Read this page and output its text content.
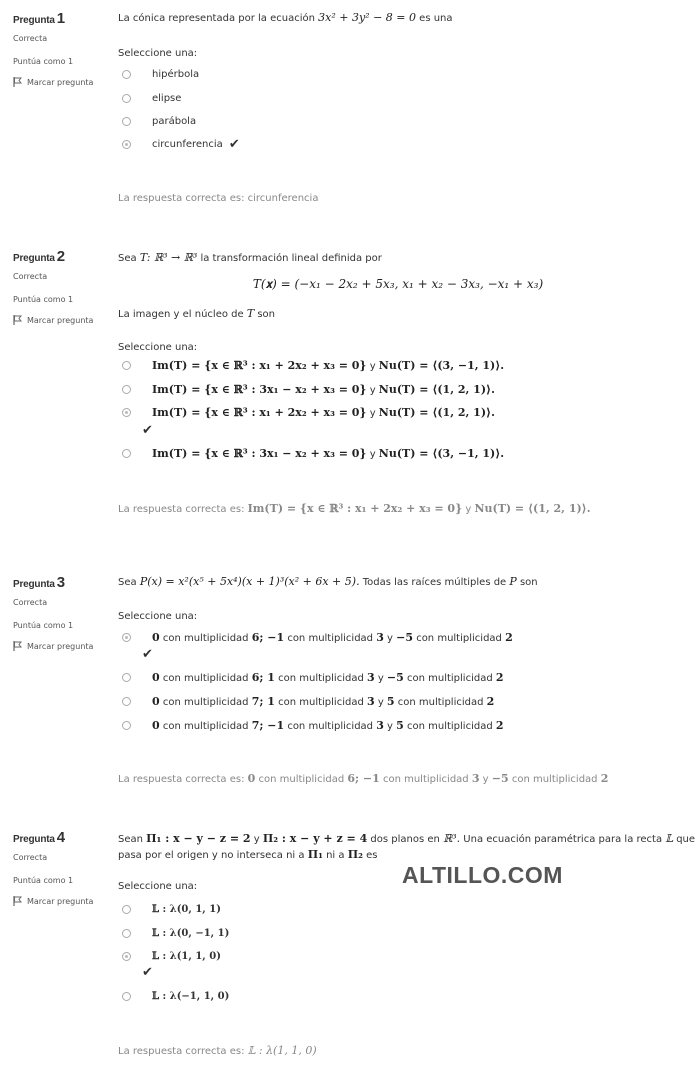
Pregunta 1
Correcta
Puntúa como 1
Marcar pregunta
La cónica representada por la ecuación 3x² + 3y² − 8 = 0 es una
Seleccione una:
hipérbola
elipse
parábola
circunferencia ✔
La respuesta correcta es: circunferencia
Pregunta 2
Correcta
Puntúa como 1
Marcar pregunta
Sea T: ℝ³ → ℝ³ la transformación lineal definida por
T(𝐱) = (−x₁ − 2x₂ + 5x₃, x₁ + x₂ − 3x₃, −x₁ + x₃)
La imagen y el núcleo de T son
Seleccione una:
Im(T) = {𝐱 ∈ ℝ³ : x₁ + 2x₂ + x₃ = 0} y Nu(T) = ⟨(3, −1, 1)⟩.
Im(T) = {𝐱 ∈ ℝ³ : 3x₁ − x₂ + x₃ = 0} y Nu(T) = ⟨(1, 2, 1)⟩.
Im(T) = {𝐱 ∈ ℝ³ : x₁ + 2x₂ + x₃ = 0} y Nu(T) = ⟨(1, 2, 1)⟩.
✔
Im(T) = {𝐱 ∈ ℝ³ : 3x₁ − x₂ + x₃ = 0} y Nu(T) = ⟨(3, −1, 1)⟩.
La respuesta correcta es: Im(T) = {𝐱 ∈ ℝ³ : x₁ + 2x₂ + x₃ = 0} y Nu(T) = ⟨(1, 2, 1)⟩.
Pregunta 3
Correcta
Puntúa como 1
Marcar pregunta
Sea P(x) = x²(x⁵ + 5x⁴)(x + 1)³(x² + 6x + 5). Todas las raíces múltiples de P son
Seleccione una:
0 con multiplicidad 6; −1 con multiplicidad 3 y −5 con multiplicidad 2
✔
0 con multiplicidad 6; 1 con multiplicidad 3 y −5 con multiplicidad 2
0 con multiplicidad 7; 1 con multiplicidad 3 y 5 con multiplicidad 2
0 con multiplicidad 7; −1 con multiplicidad 3 y 5 con multiplicidad 2
La respuesta correcta es: 0 con multiplicidad 6; −1 con multiplicidad 3 y −5 con multiplicidad 2
Pregunta 4
Correcta
Puntúa como 1
Marcar pregunta
Sean Π₁ : x − y − z = 2 y Π₂ : x − y + z = 4 dos planos en ℝ³. Una ecuación paramétrica para la recta 𝕃 que
pasa por el origen y no interseca ni a Π₁ ni a Π₂ es
Seleccione una:
𝕃 : λ(0, 1, 1)
𝕃 : λ(0, −1, 1)
𝕃 : λ(1, 1, 0)
✔
𝕃 : λ(−1, 1, 0)
La respuesta correcta es: 𝕃 : λ(1, 1, 0)
ALTILLO.COM
